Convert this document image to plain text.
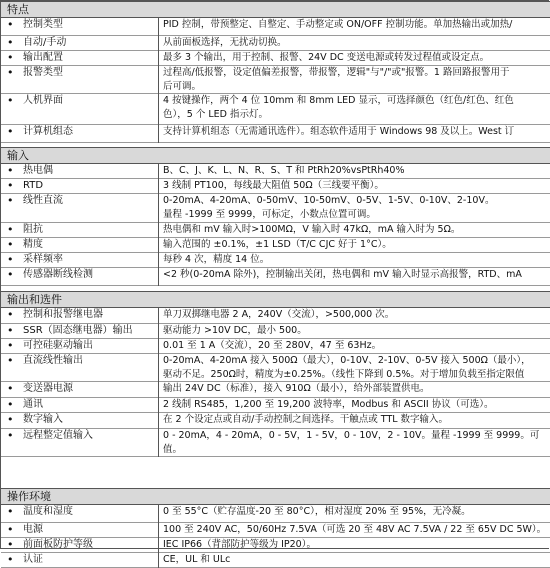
特点
• 控制类型	PID 控制，带预整定、自整定、手动整定或 ON/OFF 控制功能。单加热输出或加热/
• 自动/手动	从前面板选择，无扰动切换。
• 输出配置	最多 3 个输出，用于控制、报警、24V DC 变送电源或转发过程值或设定点。
• 报警类型	过程高/低报警，设定值偏差报警，带报警，逻辑"与"/"或"报警。1 路回路报警用于
后可调。
• 人机界面	4 按键操作，两个 4 位 10mm 和 8mm LED 显示，可选择颜色（红色/红色、红色
色），5 个 LED 指示灯。
• 计算机组态	支持计算机组态（无需通讯选件）。组态软件适用于 Windows 98 及以上。West 订
输入
• 热电偶	B、C、J、K、L、N、R、S、T 和 PtRh20%vsPtRh40%
• RTD	3 线制 PT100，每线最大阻值 50Ω（三线要平衡）。
• 线性直流	0-20mA、4-20mA、0-50mV、10-50mV、0-5V、1-5V、0-10V、2-10V。
量程 -1999 至 9999，可标定，小数点位置可调。
• 阻抗	热电偶和 mV 输入时>100MΩ，V 输入时 47kΩ，mA 输入时为 5Ω。
• 精度	输入范围的 ±0.1%，±1 LSD（T/C CJC 好于 1°C）。
• 采样频率	每秒 4 次，精度 14 位。
• 传感器断线检测	<2 秒(0-20mA 除外)，控制输出关闭，热电偶和 mV 输入时显示高报警，RTD、mA
输出和选件
• 控制和报警继电器	单刀双掷继电器 2 A，240V（交流），>500,000 次。
• SSR（固态继电器）输出	驱动能力 >10V DC，最小 500。
• 可控硅驱动输出	0.01 至 1 A（交流），20 至 280V，47 至 63Hz。
• 直流线性输出	0-20mA、4-20mA 接入 500Ω（最大），0-10V、2-10V、0-5V 接入 500Ω（最小），
驱动不足。250Ω时，精度为±0.25%。（线性下降到 0.5%。对于增加负载至指定限值
• 变送器电源	输出 24V DC（标准），接入 910Ω（最小），给外部装置供电。
• 通讯	2 线制 RS485，1,200 至 19,200 波特率，Modbus 和 ASCII 协议（可选）。
• 数字输入	在 2 个设定点或自动/手动控制之间选择。干触点或 TTL 数字输入。
• 远程整定值输入	0 - 20mA，4 - 20mA，0 - 5V，1 - 5V，0 - 10V，2 - 10V。量程 -1999 至 9999。可
值。
操作环境
• 温度和湿度	0 至 55°C（贮存温度-20 至 80°C），相对湿度 20% 至 95%，无冷凝。
• 电源	100 至 240V AC，50/60Hz 7.5VA（可选 20 至 48V AC 7.5VA / 22 至 65V DC 5W）。
• 前面板防护等级	IEC IP66（背部防护等级为 IP20）。
• 认证	CE，UL 和 ULc
